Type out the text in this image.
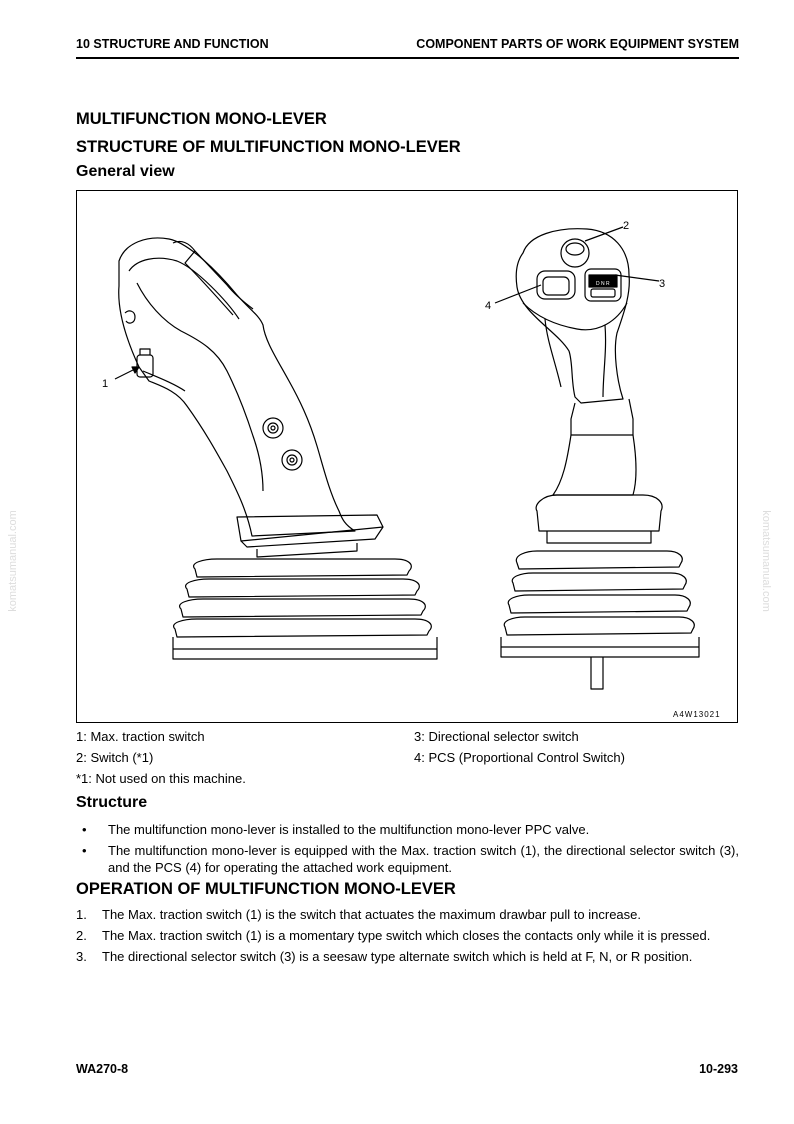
10 STRUCTURE AND FUNCTION	COMPONENT PARTS OF WORK EQUIPMENT SYSTEM
MULTIFUNCTION MONO-LEVER
STRUCTURE OF MULTIFUNCTION MONO-LEVER
General view
1
2
3
4
D N R
A4W13021
1: Max. traction switch
2: Switch (*1)
3: Directional selector switch
4: PCS (Proportional Control Switch)
*1: Not used on this machine.
Structure
• The multifunction mono-lever is installed to the multifunction mono-lever PPC valve.
• The multifunction mono-lever is equipped with the Max. traction switch (1), the directional selector switch (3), and the PCS (4) for operating the attached work equipment.
OPERATION OF MULTIFUNCTION MONO-LEVER
1. The Max. traction switch (1) is the switch that actuates the maximum drawbar pull to increase.
2. The Max. traction switch (1) is a momentary type switch which closes the contacts only while it is pressed.
3. The directional selector switch (3) is a seesaw type alternate switch which is held at F, N, or R position.
WA270-8	10-293
komatsumanual.com	komatsumanual.com
